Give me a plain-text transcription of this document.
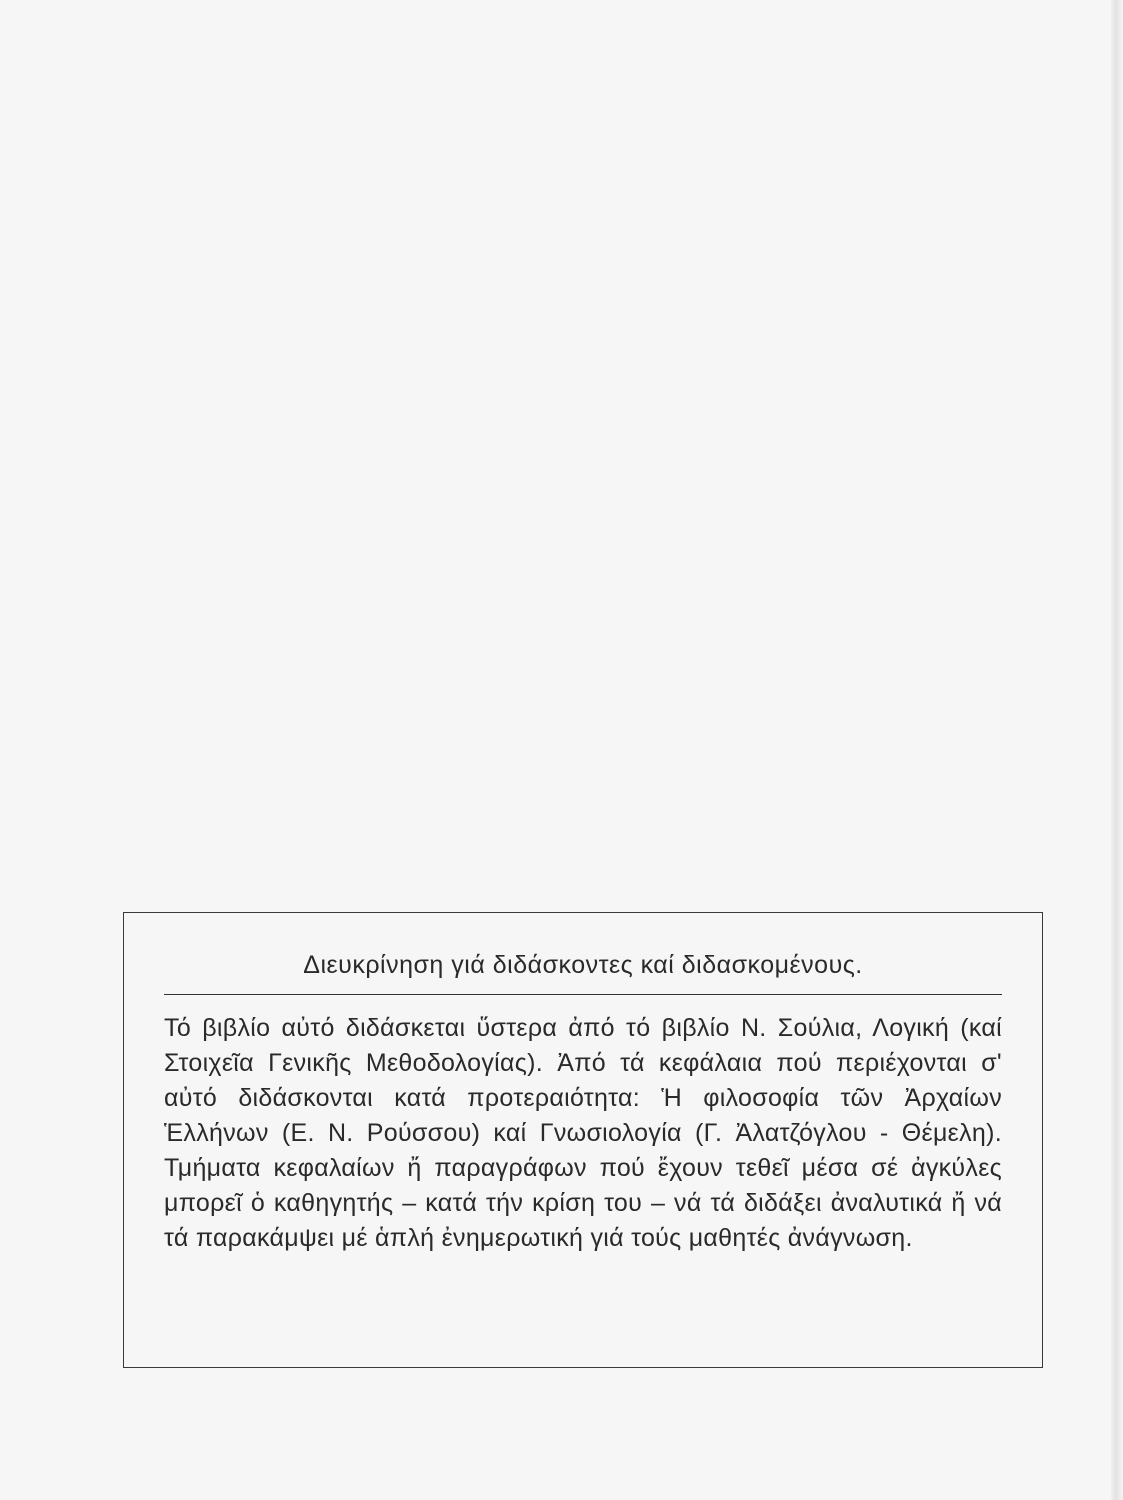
Διευκρίνηση γιά διδάσκοντες καί διδασκομένους.
Τό βιβλίο αὐτό διδάσκεται ὕστερα ἀπό τό βιβλίο Ν. Σούλια, Λογική (καί Στοιχεῖα Γενικῆς Μεθοδολογίας). Ἀπό τά κεφάλαια πού περιέχονται σ' αὐτό διδάσκονται κατά προτεραιότητα: Ἡ φιλοσοφία τῶν Ἀρχαίων Ἑλλήνων (Ε. Ν. Ρούσσου) καί Γνωσιολογία (Γ. Ἀλατζόγλου - Θέμελη). Τμήματα κεφαλαίων ἤ παραγράφων πού ἔχουν τεθεῖ μέσα σέ ἀγκύλες μπορεῖ ὁ καθηγητής – κατά τήν κρίση του – νά τά διδάξει ἀναλυτικά ἤ νά τά παρακάμψει μέ ἁπλή ἐνημερωτική γιά τούς μαθητές ἀνάγνωση.
